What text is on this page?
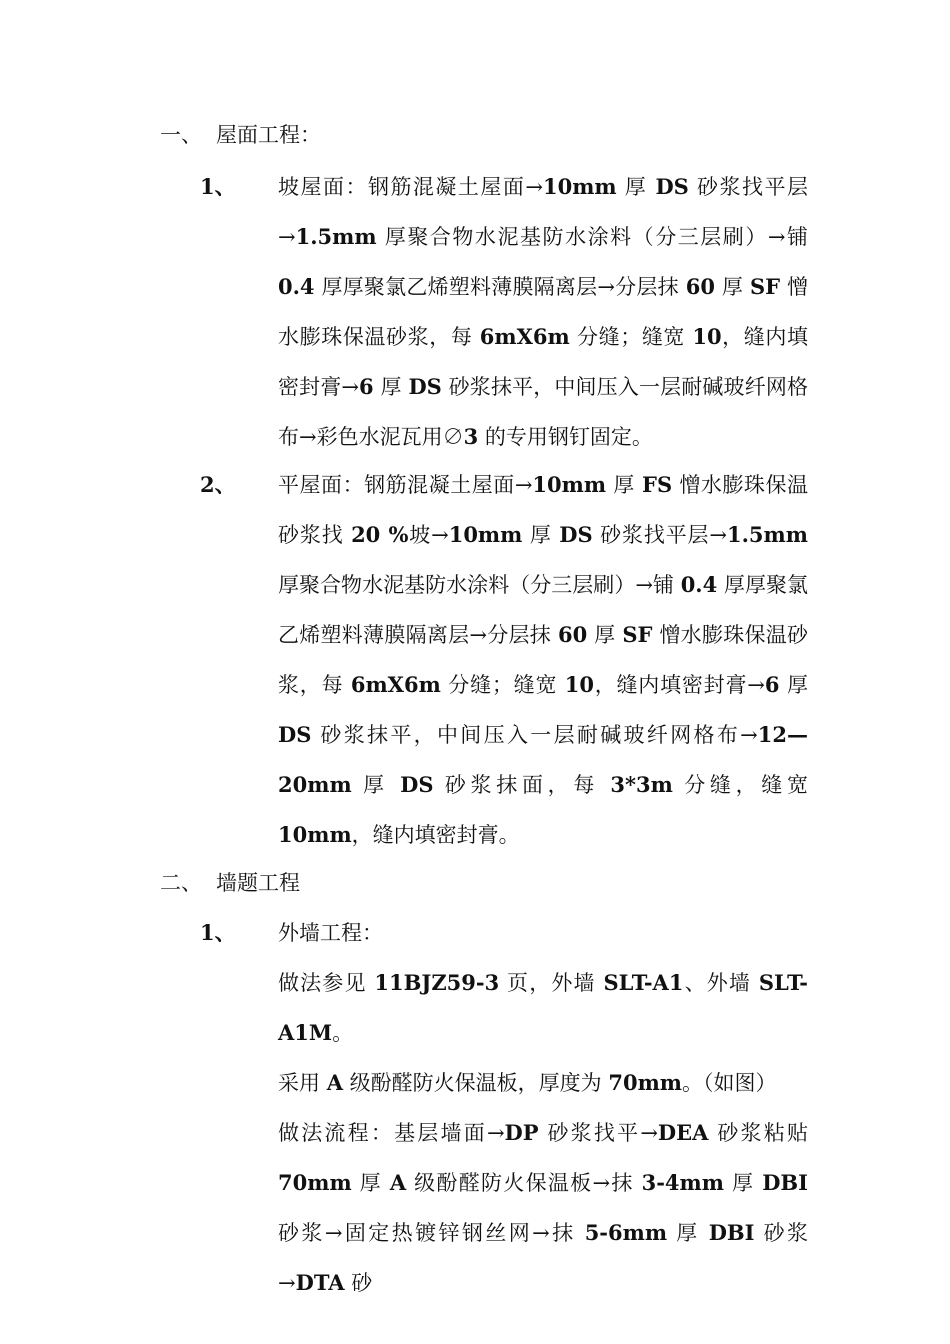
一、 屋面工程：
1、 坡屋面：钢筋混凝土屋面→10mm 厚 DS 砂浆找平层→1.5mm 厚聚合物水泥基防水涂料（分三层刷）→铺 0.4 厚厚聚氯乙烯塑料薄膜隔离层→分层抹 60 厚 SF 憎水膨珠保温砂浆，每 6mX6m 分缝；缝宽 10，缝内填密封膏→6 厚 DS 砂浆抹平，中间压入一层耐碱玻纤网格布→彩色水泥瓦用∅3 的专用钢钉固定。

2、 平屋面：钢筋混凝土屋面→10mm 厚 FS 憎水膨珠保温砂浆找 20 %坡→10mm 厚 DS 砂浆找平层→1.5mm 厚聚合物水泥基防水涂料（分三层刷）→铺 0.4 厚厚聚氯乙烯塑料薄膜隔离层→分层抹 60 厚 SF 憎水膨珠保温砂浆，每 6mX6m 分缝；缝宽 10，缝内填密封膏→6 厚 DS 砂浆抹平，中间压入一层耐碱玻纤网格布→12—20mm 厚 DS 砂浆抹面，每 3*3m 分缝，缝宽 10mm，缝内填密封膏。

二、 墙题工程
1、 外墙工程：

做法参见 11BJZ59-3 页，外墙 SLT-A1、外墙 SLT-A1M。

采用 A 级酚醛防火保温板，厚度为 70mm。（如图）

做法流程：基层墙面→DP 砂浆找平→DEA 砂浆粘贴 70mm 厚 A 级酚醛防火保温板→抹 3-4mm 厚 DBI 砂浆→固定热镀锌钢丝网→抹 5-6mm 厚 DBI 砂浆→DTA 砂
